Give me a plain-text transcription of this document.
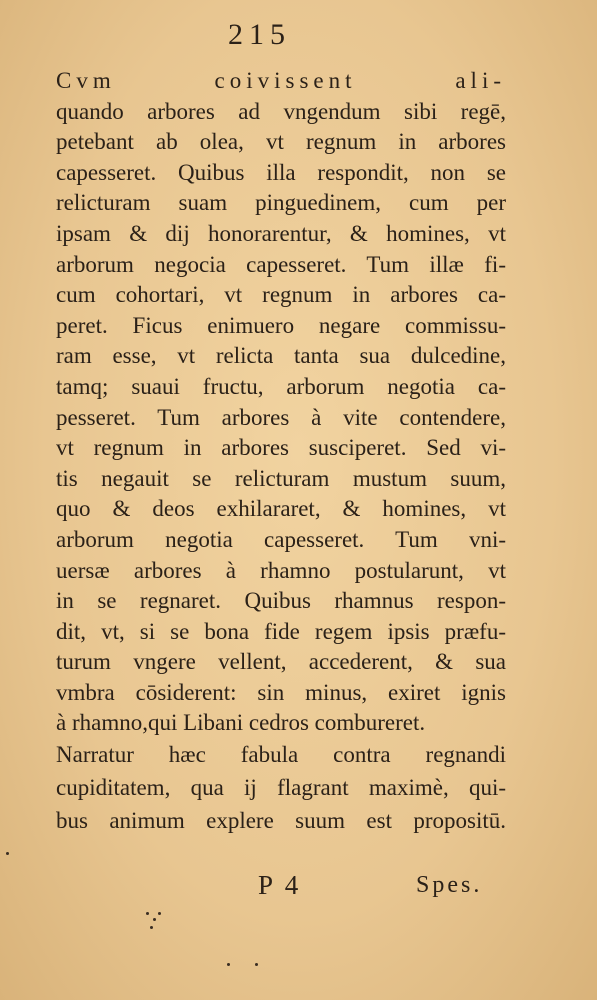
215
Cvm coivissent ali-
quando arbores ad vngendum sibi regē,
petebant ab olea, vt regnum in arbores
capesseret. Quibus illa respondit, non se
relicturam suam pinguedinem, cum per
ipsam & dij honorarentur, & homines, vt
arborum negocia capesseret. Tum illæ fi-
cum cohortari, vt regnum in arbores ca-
peret. Ficus enimuero negare commissu-
ram esse, vt relicta tanta sua dulcedine,
tamq; suaui fructu, arborum negotia ca-
pesseret. Tum arbores à vite contendere,
vt regnum in arbores susciperet. Sed vi-
tis negauit se relicturam mustum suum,
quo & deos exhilararet, & homines, vt
arborum negotia capesseret. Tum vni-
uersæ arbores à rhamno postularunt, vt
in se regnaret. Quibus rhamnus respon-
dit, vt, si se bona fide regem ipsis præfu-
turum vngere vellent, accederent, & sua
vmbra cōsiderent: sin minus, exiret ignis
à rhamno,qui Libani cedros combureret.
Narratur hæc fabula contra regnandi
cupiditatem, qua ij flagrant maximè, qui-
bus animum explere suum est propositū.
P 4	Spes.
